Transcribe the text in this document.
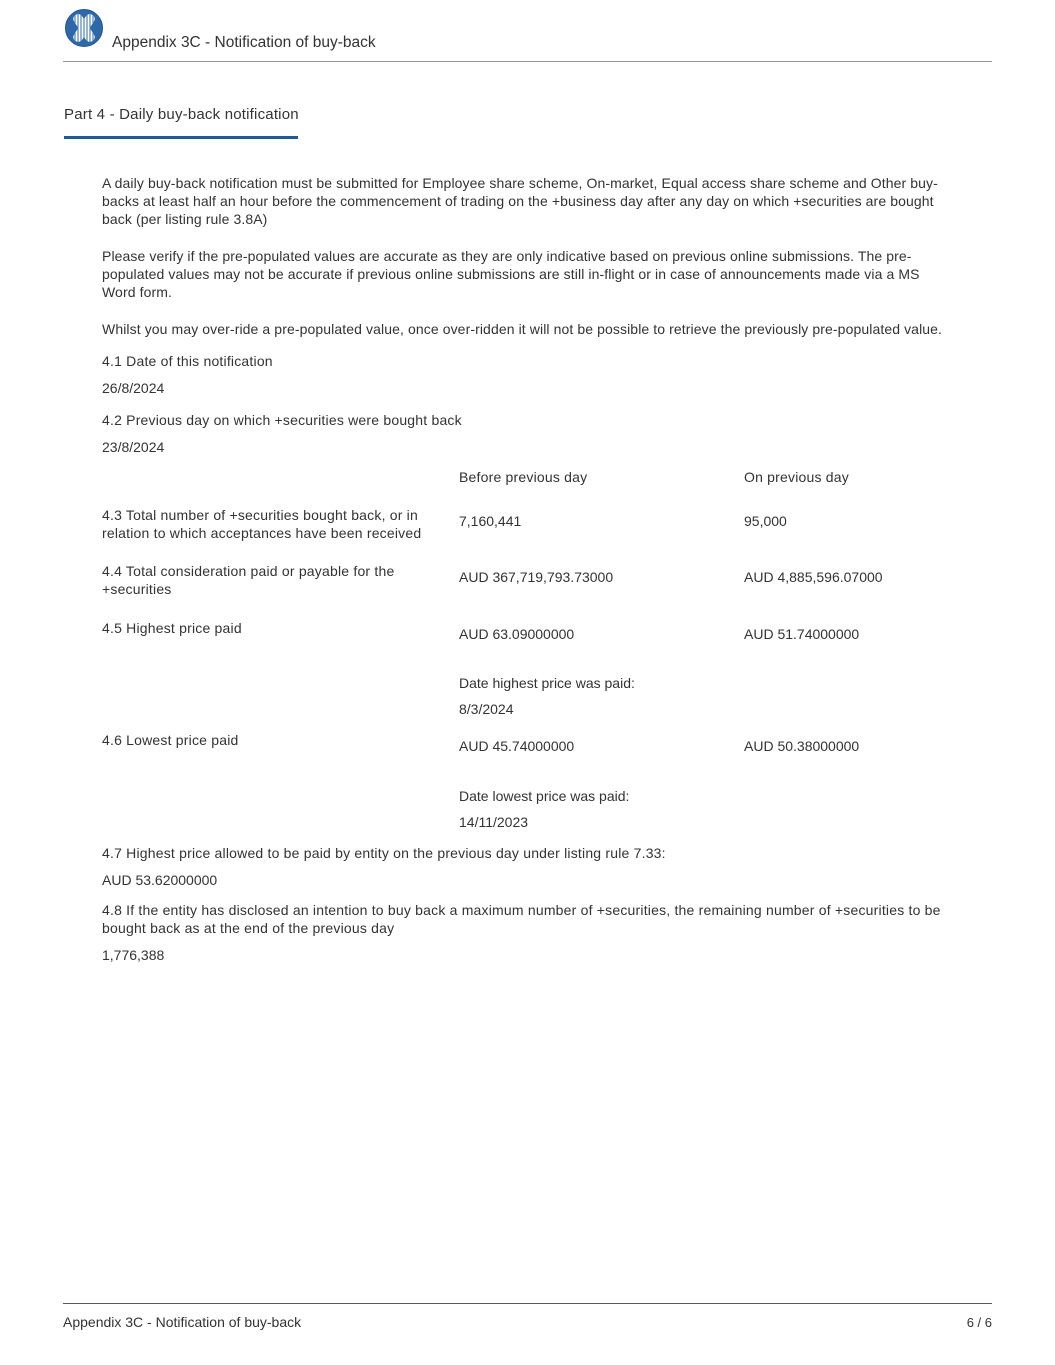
Appendix 3C - Notification of buy-back
Part 4 - Daily buy-back notification
A daily buy-back notification must be submitted for Employee share scheme, On-market, Equal access share scheme and Other buy-backs at least half an hour before the commencement of trading on the +business day after any day on which +securities are bought back (per listing rule 3.8A)
Please verify if the pre-populated values are accurate as they are only indicative based on previous online submissions. The pre-populated values may not be accurate if previous online submissions are still in-flight or in case of announcements made via a MS Word form.
Whilst you may over-ride a pre-populated value, once over-ridden it will not be possible to retrieve the previously pre-populated value.
4.1 Date of this notification
26/8/2024
4.2 Previous day on which +securities were bought back
23/8/2024
Before previous day	On previous day
4.3 Total number of +securities bought back, or in relation to which acceptances have been received
7,160,441	95,000
4.4 Total consideration paid or payable for the +securities
AUD 367,719,793.73000	AUD 4,885,596.07000
4.5 Highest price paid	AUD 63.09000000	AUD 51.74000000
Date highest price was paid:
8/3/2024
4.6 Lowest price paid	AUD 45.74000000	AUD 50.38000000
Date lowest price was paid:
14/11/2023
4.7 Highest price allowed to be paid by entity on the previous day under listing rule 7.33:
AUD 53.62000000
4.8 If the entity has disclosed an intention to buy back a maximum number of +securities, the remaining number of +securities to be bought back as at the end of the previous day
1,776,388
Appendix 3C - Notification of buy-back	6 / 6
